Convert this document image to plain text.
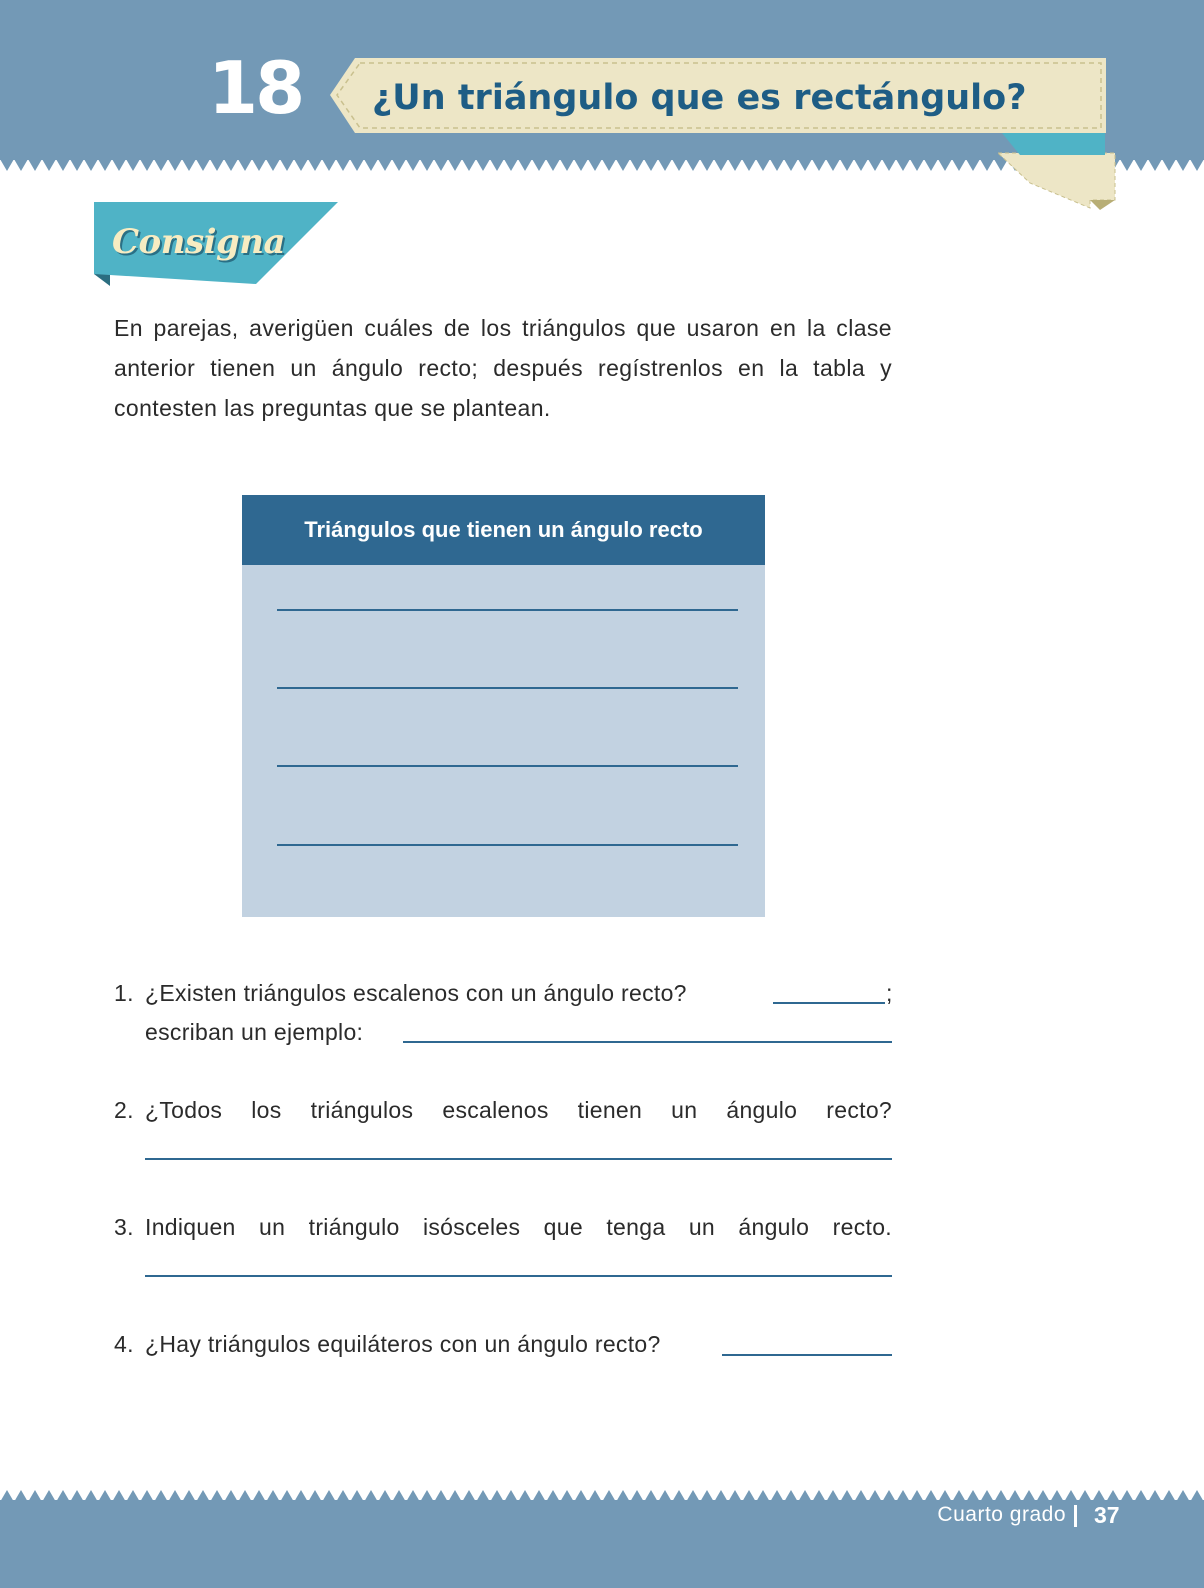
18 ¿Un triángulo que es rectángulo?
Consigna
En parejas, averigüen cuáles de los triángulos que usaron en la clase anterior tienen un ángulo recto; después regístrenlos en la tabla y contesten las preguntas que se plantean.
Triángulos que tienen un ángulo recto
1. ¿Existen triángulos escalenos con un ángulo recto?	;
escriban un ejemplo:
2. ¿Todos los triángulos escalenos tienen un ángulo recto?
3. Indiquen un triángulo isósceles que tenga un ángulo recto.
4. ¿Hay triángulos equiláteros con un ángulo recto?
Cuarto grado 37
